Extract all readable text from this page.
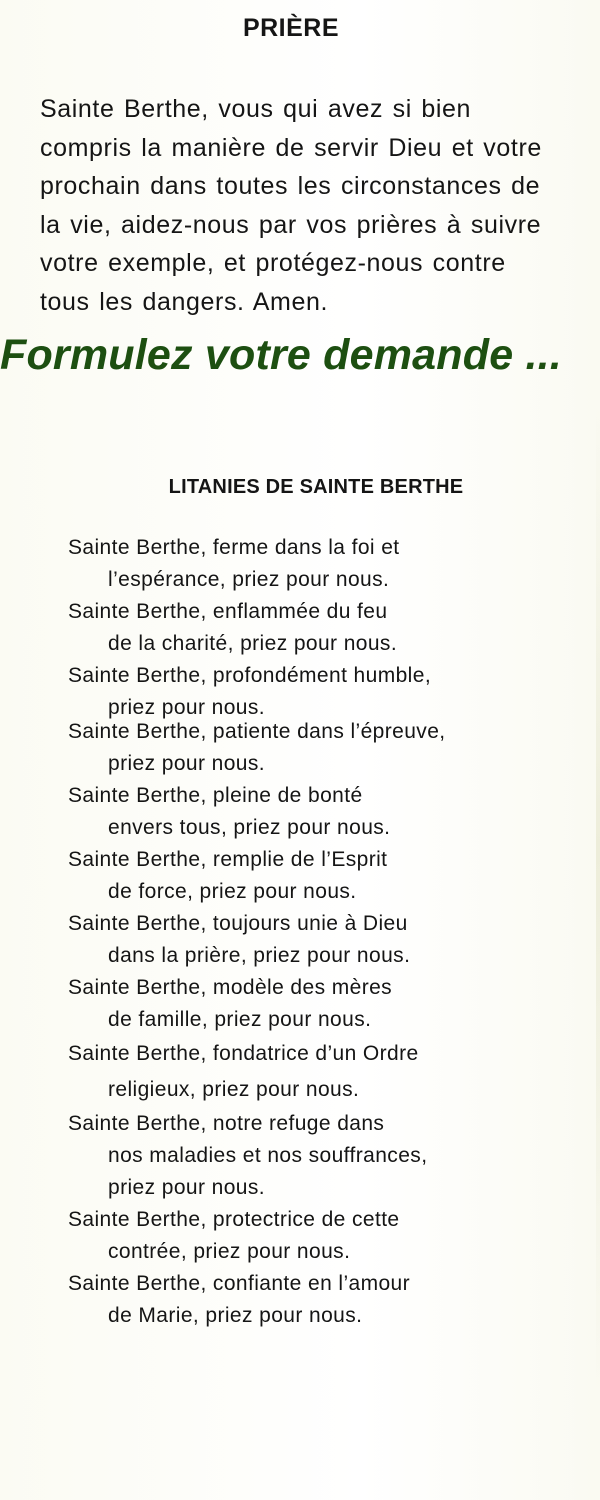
PRIÈRE
Sainte Berthe, vous qui avez si bien
compris la manière de servir Dieu et votre
prochain dans toutes les circonstances de
la vie, aidez-nous par vos prières à suivre
votre exemple, et protégez-nous contre
tous les dangers. Amen.
Formulez votre demande ...
LITANIES DE SAINTE BERTHE
Sainte Berthe, ferme dans la foi et
l’espérance, priez pour nous.
Sainte Berthe, enflammée du feu
de la charité, priez pour nous.
Sainte Berthe, profondément humble,
priez pour nous.
Sainte Berthe, patiente dans l’épreuve,
priez pour nous.
Sainte Berthe, pleine de bonté
envers tous, priez pour nous.
Sainte Berthe, remplie de l’Esprit
de force, priez pour nous.
Sainte Berthe, toujours unie à Dieu
dans la prière, priez pour nous.
Sainte Berthe, modèle des mères
de famille, priez pour nous.
Sainte Berthe, fondatrice d’un Ordre
religieux, priez pour nous.
Sainte Berthe, notre refuge dans
nos maladies et nos souffrances,
priez pour nous.
Sainte Berthe, protectrice de cette
contrée, priez pour nous.
Sainte Berthe, confiante en l’amour
de Marie, priez pour nous.
